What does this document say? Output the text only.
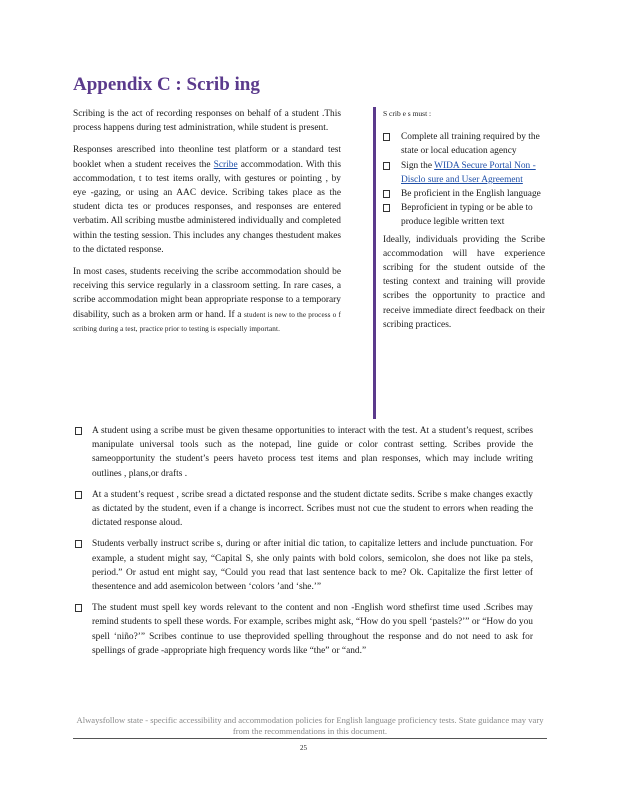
Appendix C : Scrib ing

Scribing is the act of recording responses on behalf of a student .This process happens during test administration, while student is present.

Responses arescribed into theonline test platform or a standard test booklet when a student receives the Scribe accommodation. With this accommodation, t to test items orally, with gestures or pointing , by eye -gazing, or using an AAC device. Scribing takes place as the student dicta tes or produces responses, and responses are entered verbatim. All scribing mustbe administered individually and completed within the testing session. This includes any changes thestudent makes to the dictated response.

In most cases, students receiving the scribe accommodation should be receiving this service regularly in a classroom setting. In rare cases, a scribe accommodation might bean appropriate response to a temporary disability, such as a broken arm or hand. If a student is new to the process o f scribing during a test, practice prior to testing is especially important.

S crib e s must :
Complete all training required by the state or local education agency
Sign the WIDA Secure Portal Non -Disclo sure and User Agreement
Be proficient in the English language
Beproficient in typing or be able to produce legible written text

Ideally, individuals providing the Scribe accommodation will have experience scribing for the student outside of the testing context and training will provide scribes the opportunity to practice and receive immediate direct feedback on their scribing practices.

A student using a scribe must be given thesame opportunities to interact with the test. At a student’s request, scribes manipulate universal tools such as the notepad, line guide or color contrast setting. Scribes provide the sameopportunity the student’s peers haveto process test items and plan responses, which may include writing outlines , plans,or drafts .
At a student’s request , scribe sread a dictated response and the student dictate sedits. Scribe s make changes exactly as dictated by the student, even if a change is incorrect. Scribes must not cue the student to errors when reading the dictated response aloud.
Students verbally instruct scribe s, during or after initial dic tation, to capitalize letters and include punctuation. For example, a student might say, “Capital S, she only paints with bold colors, semicolon, she does not like pa stels, period.” Or astud ent might say, “Could you read that last sentence back to me? Ok. Capitalize the first letter of thesentence and add asemicolon between ‘colors ’and ‘she.’”
The student must spell key words relevant to the content and non -English word sthefirst time used .Scribes may remind students to spell these words. For example, scribes might ask, “How do you spell ‘pastels?’” or “How do you spell ‘niño?’” Scribes continue to use theprovided spelling throughout the response and do not need to ask for spellings of grade -appropriate high frequency words like “the” or “and.”
Alwaysfollow state - specific accessibility and accommodation policies for English language proficiency tests. State guidance may vary from the recommendations in this document.
25
